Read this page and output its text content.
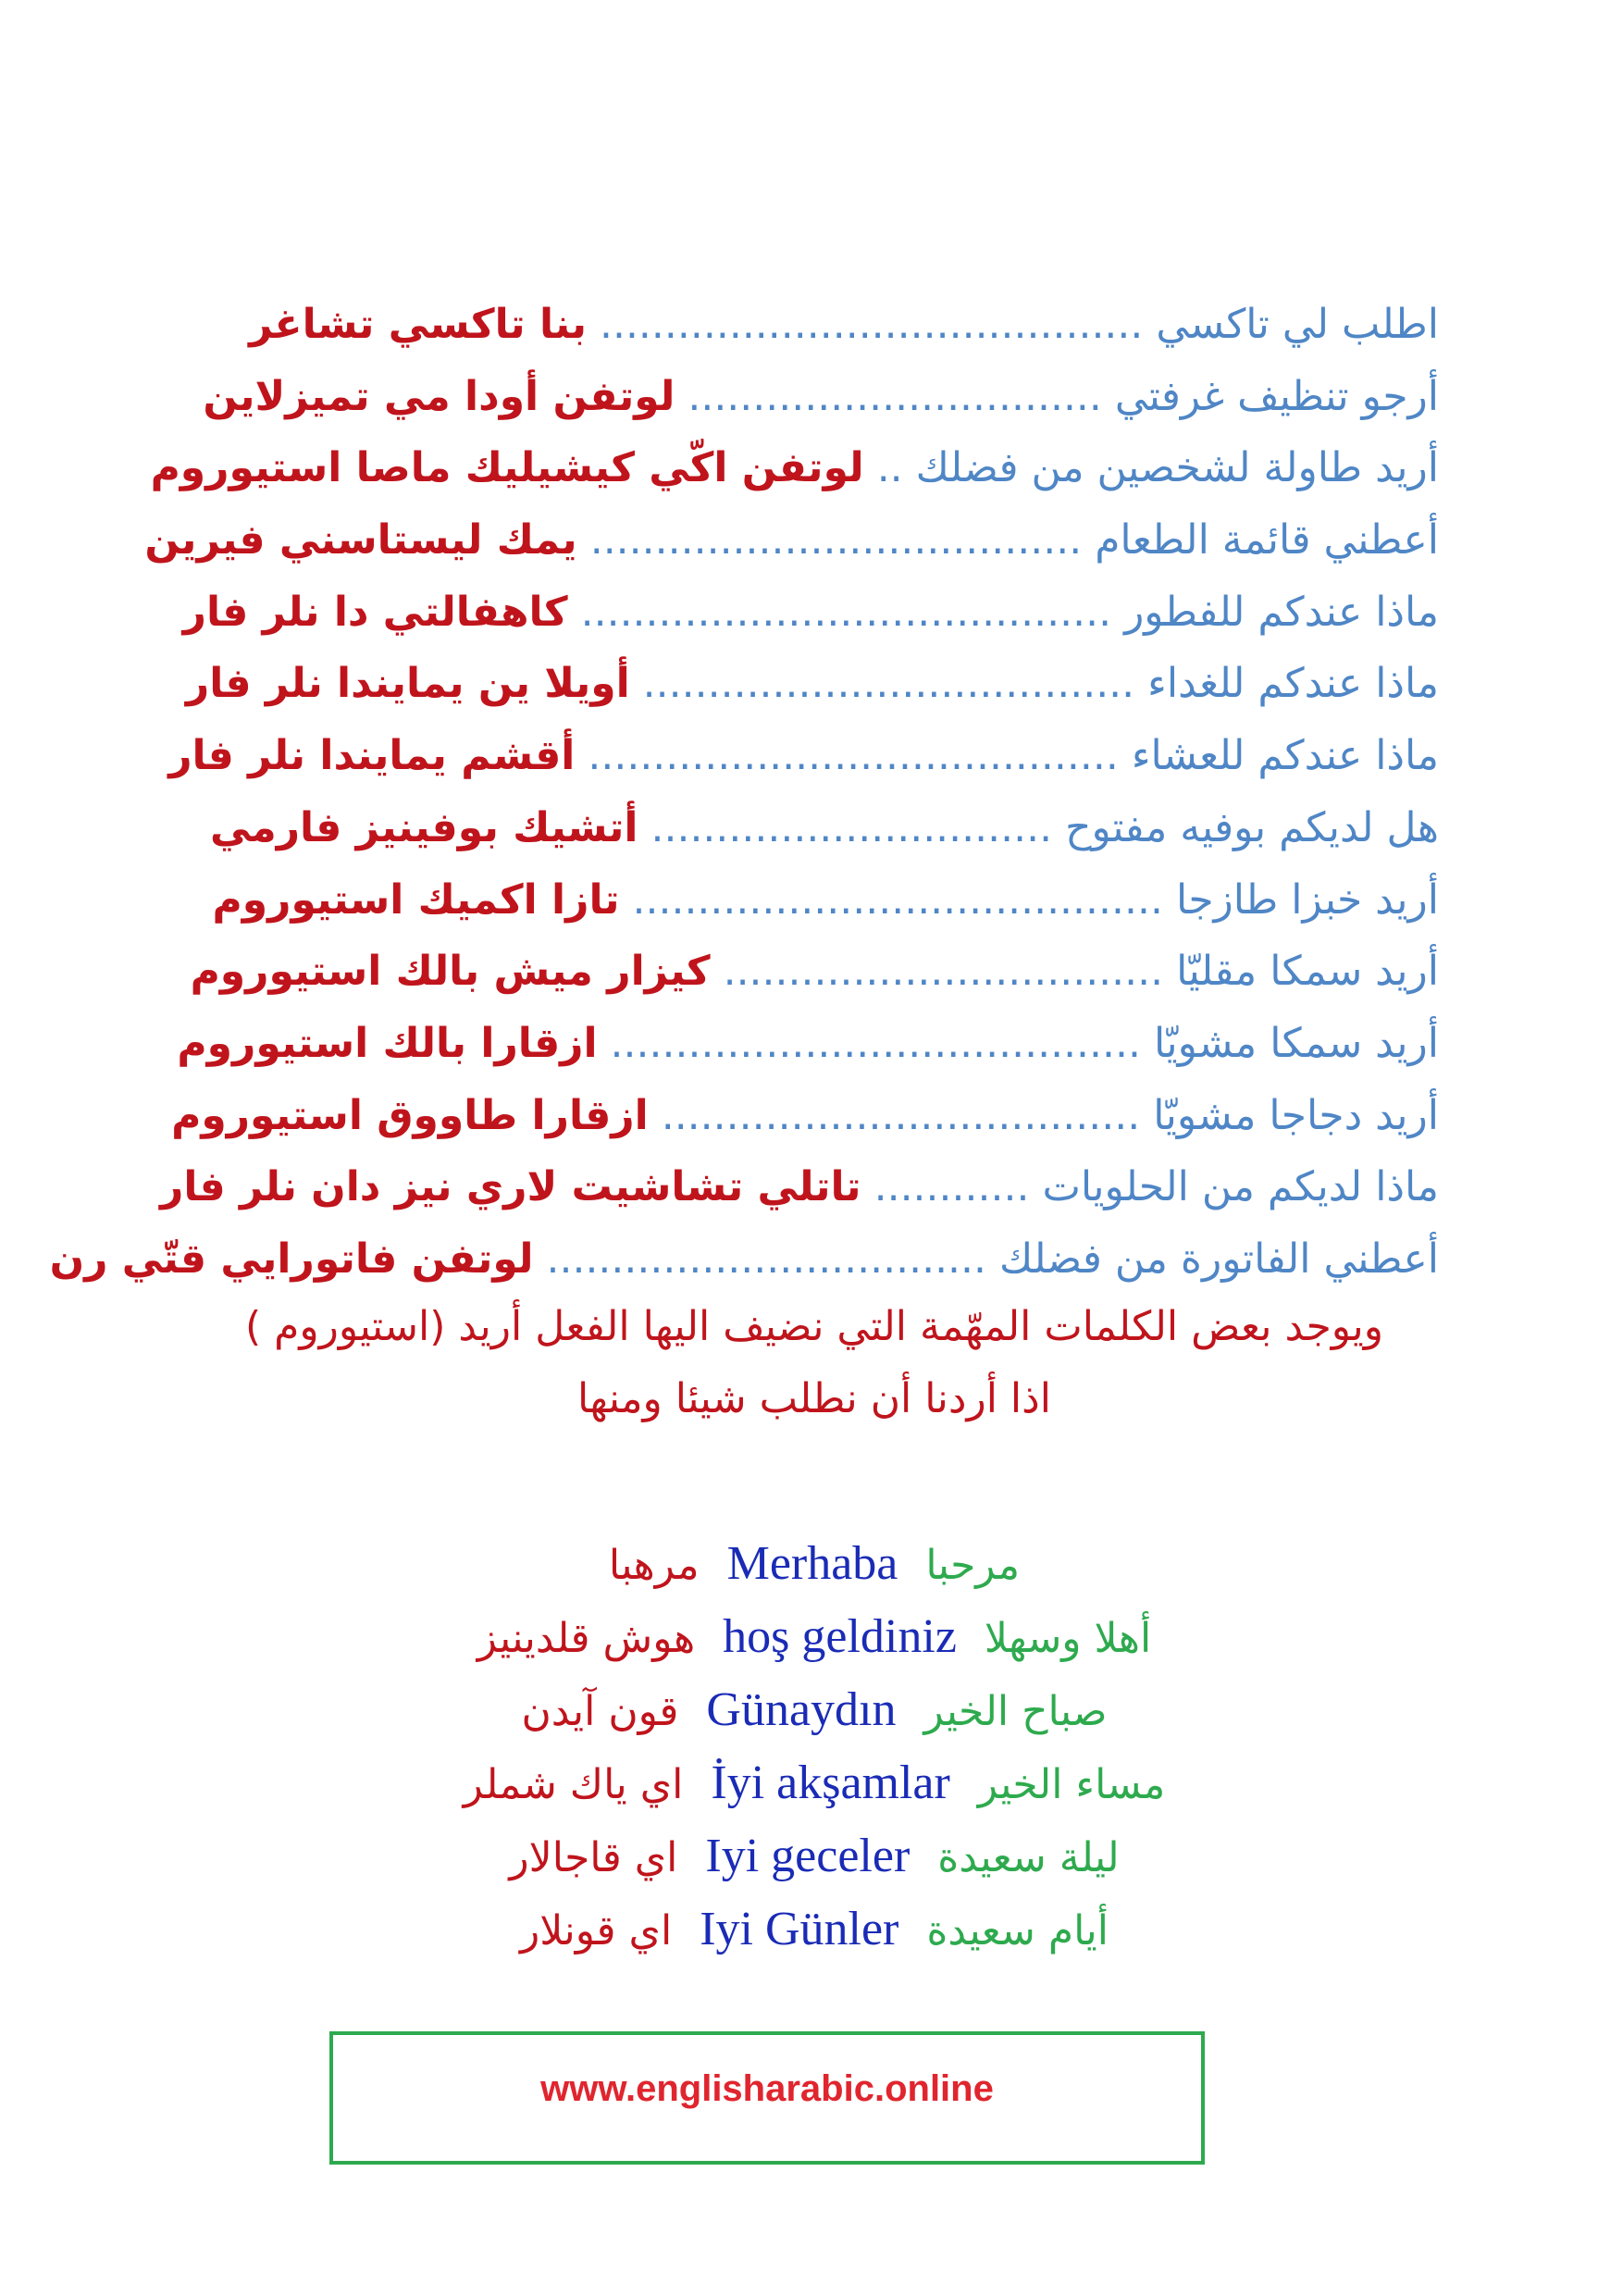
اطلب لي تاكسي
..........................................
بنا تاكسي تشاغر
أرجو تنظيف غرفتي
................................
لوتفن أودا مي تميزلاين
أريد طاولة لشخصين من فضلك
..
لوتفن اكّي كيشيليك ماصا استيوروم
أعطني قائمة الطعام
......................................
يمك ليستاسني فيرين
ماذا عندكم للفطور
.........................................
كاهفالتي دا نلر فار
ماذا عندكم للغداء
......................................
أويلا ين يمايندا نلر فار
ماذا عندكم للعشاء
.........................................
أقشم يمايندا نلر فار
هل لديكم بوفيه مفتوح
...............................
أتشيك بوفينيز فارمي
أريد خبزا طازجا
.........................................
تازا اكميك استيوروم
أريد سمكا مقليّا
..................................
كيزار ميش بالك استيوروم
أريد سمكا مشويّا
.........................................
ازقارا بالك استيوروم
أريد دجاجا مشويّا
.....................................
ازقارا طاووق استيوروم
ماذا لديكم من الحلويات
............
تاتلي تشاشيت لاري نيز دان نلر فار
أعطني الفاتورة من فضلك
..................................
لوتفن فاتورايي قتّي رن

ويوجد بعض الكلمات المهّمة التي نضيف اليها الفعل أريد (استيوروم )

اذا أردنا أن نطلب شيئا ومنها

مرحبا
Merhaba
مرهبا
أهلا وسهلا
hoş geldiniz
هوش قلدينيز
صباح الخير
Günaydın
قون آيدن
مساء الخير
İyi akşamlar
اي ياك شملر
ليلة سعيدة
Iyi geceler
اي قاجالار
أيام سعيدة
Iyi Günler
اي قونلار
www.englisharabic.online
